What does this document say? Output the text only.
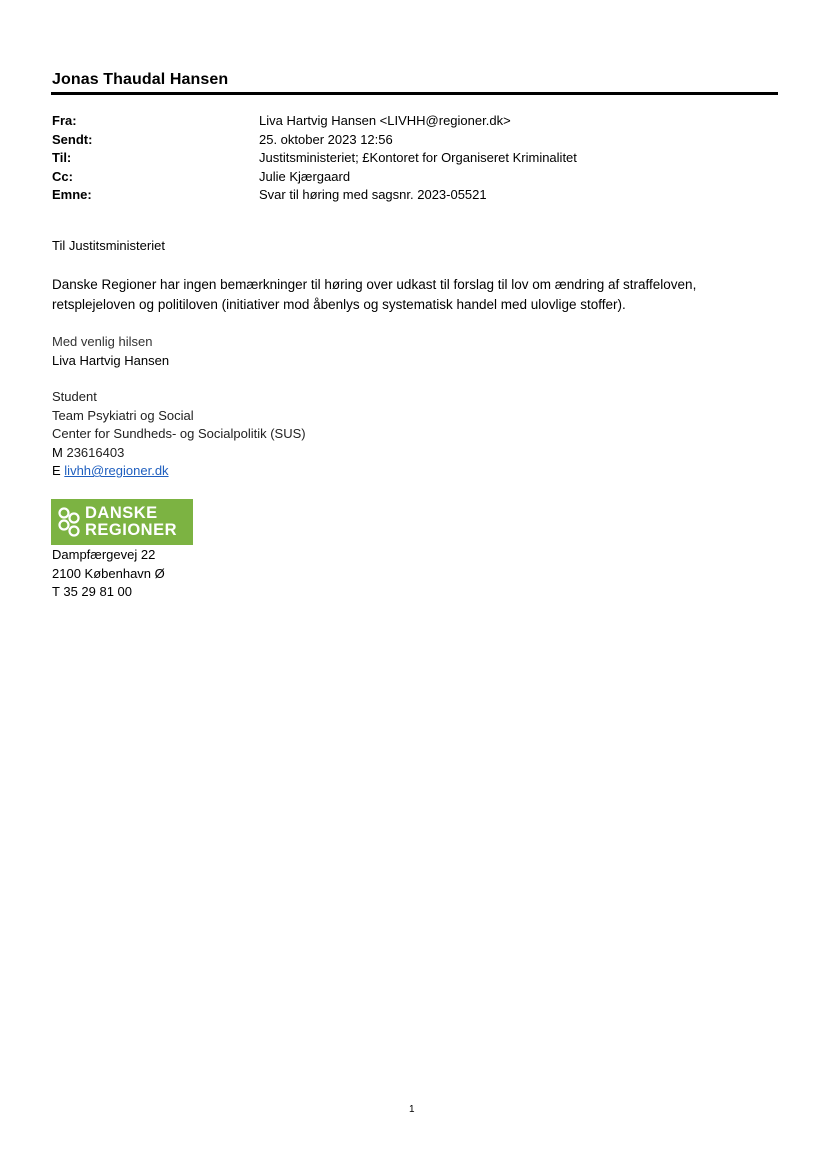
Jonas Thaudal Hansen
Fra:	Liva Hartvig Hansen <LIVHH@regioner.dk>
Sendt:	25. oktober 2023 12:56
Til:	Justitsministeriet; £Kontoret for Organiseret Kriminalitet
Cc:	Julie Kjærgaard
Emne:	Svar til høring med sagsnr. 2023-05521
Til Justitsministeriet

Danske Regioner har ingen bemærkninger til høring over udkast til forslag til lov om ændring af straffeloven,

retsplejeloven og politiloven (initiativer mod åbenlys og systematisk handel med ulovlige stoffer).

Med venlig hilsen
Liva Hartvig Hansen
Student
Team Psykiatri og Social
Center for Sundheds- og Socialpolitik (SUS)
M 23616403
E livhh@regioner.dk
DANSKE
REGIONER
Dampfærgevej 22
2100 København Ø
T 35 29 81 00
1
